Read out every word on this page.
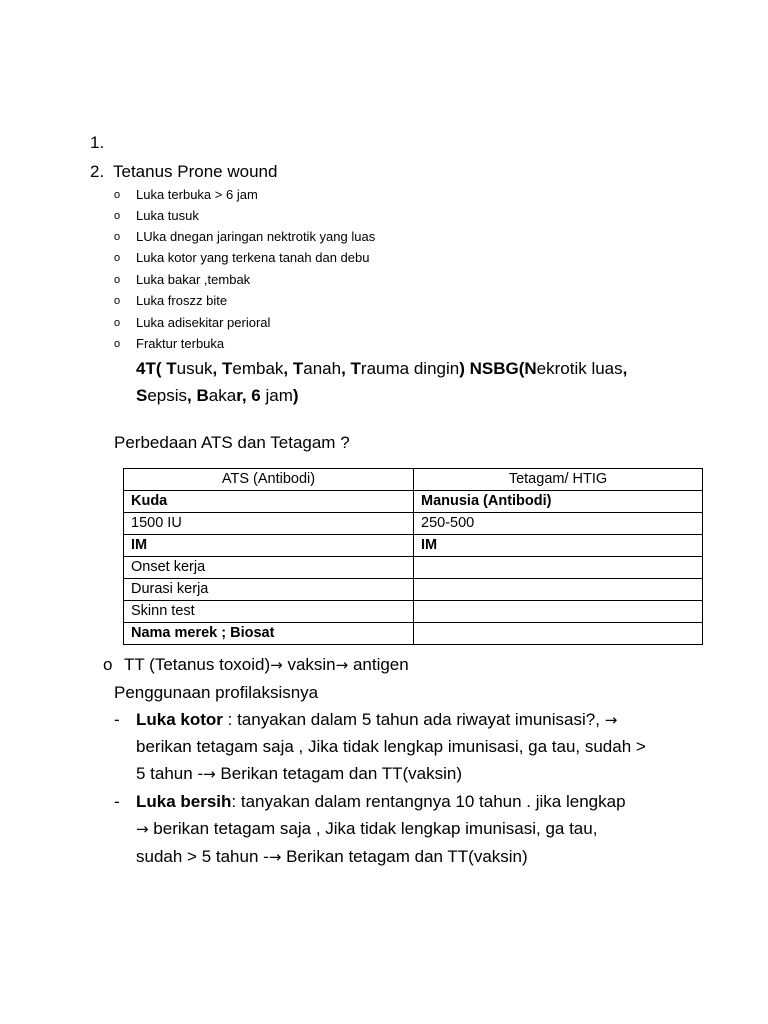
1.
2. Tetanus Prone wound
o Luka terbuka > 6 jam
o Luka tusuk
o LUka dnegan jaringan nektrotik yang luas
o Luka kotor yang terkena tanah dan debu
o Luka bakar ,tembak
o Luka froszz bite
o Luka adisekitar perioral
o Fraktur terbuka
4T( Tusuk, Tembak, Tanah, Trauma dingin) NSBG(Nekrotik luas,
Sepsis, Bakar, 6 jam)
Perbedaan ATS dan Tetagam ?
ATS (Antibodi)	Tetagam/ HTIG
Kuda	Manusia (Antibodi)
1500 IU	250-500
IM	IM
Onset kerja	
Durasi kerja	
Skinn test	
Nama merek ; Biosat	
o TT (Tetanus toxoid)→ vaksin→ antigen
Penggunaan profilaksisnya
- Luka kotor : tanyakan dalam 5 tahun ada riwayat imunisasi?, →
berikan tetagam saja , Jika tidak lengkap imunisasi, ga tau, sudah >
5 tahun -→ Berikan tetagam dan TT(vaksin)
- Luka bersih: tanyakan dalam rentangnya 10 tahun . jika lengkap
→ berikan tetagam saja , Jika tidak lengkap imunisasi, ga tau,
sudah > 5 tahun -→ Berikan tetagam dan TT(vaksin)
